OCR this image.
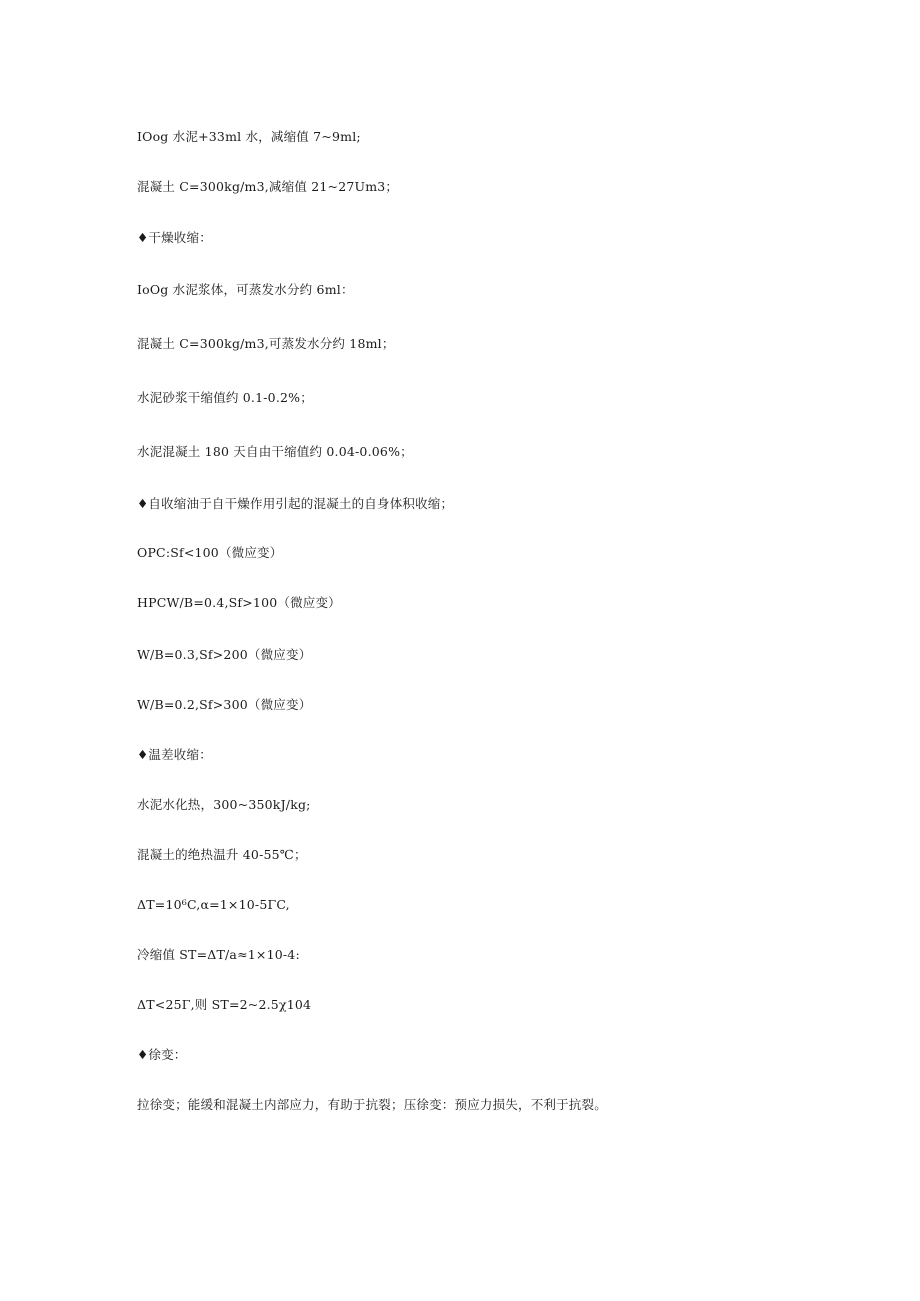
IOog 水泥+33ml 水，减缩值 7~9ml;
混凝土 C=300kg∕m3,减缩值 21~27Um3；
♦干燥收缩：
IoOg 水泥浆体，可蒸发水分约 6ml：
混凝土 C=300kg∕m3,可蒸发水分约 18ml；
水泥砂浆干缩值约 0.1-0.2%；
水泥混凝土 180 天自由干缩值约 0.04-0.06%；
♦自收缩油于自干燥作用引起的混凝土的自身体积收缩；
OPC:Sf<100（微应变）
HPCW∕B=0.4,Sf>100（微应变）
W∕B=0.3,Sf>200（微应变）
W∕B=0.2,Sf>300（微应变）
♦温差收缩：
水泥水化热，300~350kJ∕kg;
混凝土的绝热温升 40-55℃；
ΔT=10⁶C,α=1×10-5ΓC,
冷缩值 ST=ΔT∕a≈1×10-4:
ΔT<25Γ,则 ST=2~2.5χ104
♦徐变：
拉徐变；能缓和混凝土内部应力，有助于抗裂；压徐变：预应力损失，不利于抗裂。
